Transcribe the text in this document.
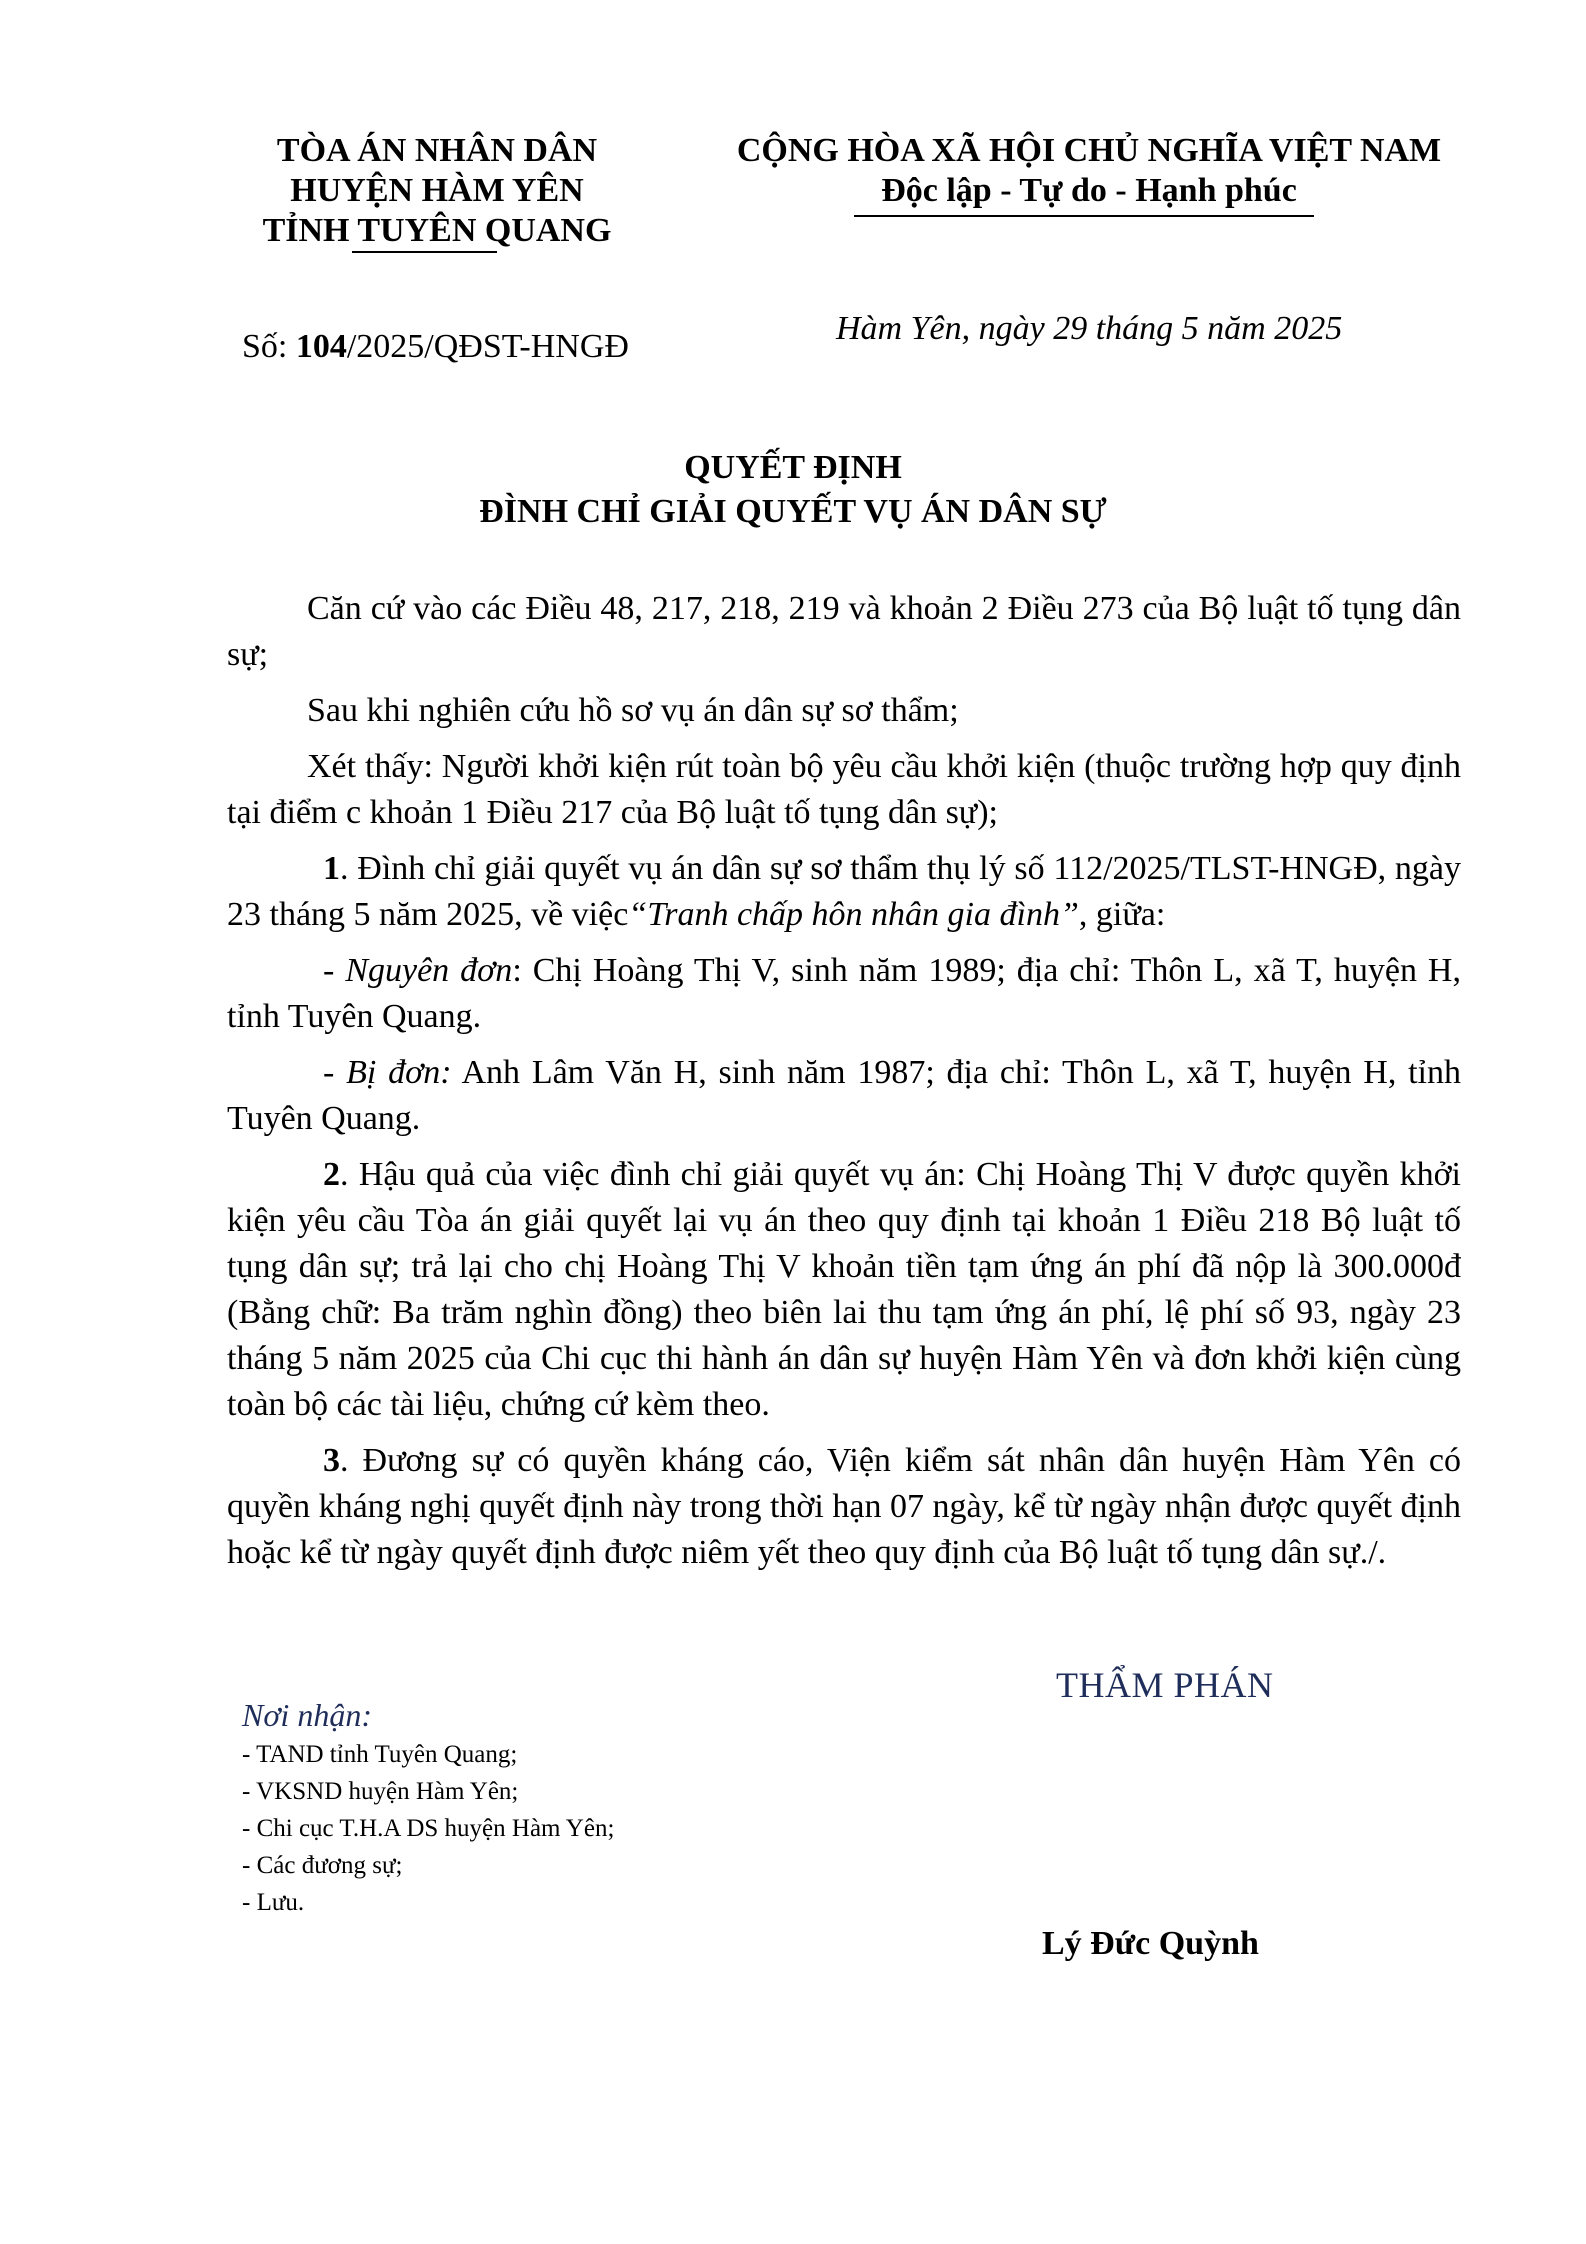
TÒA ÁN NHÂN DÂN
HUYỆN HÀM YÊN
TỈNH TUYÊN QUANG
CỘNG HÒA XÃ HỘI CHỦ NGHĨA VIỆT NAM
Độc lập - Tự do - Hạnh phúc
Số: 104/2025/QĐST-HNGĐ	Hàm Yên, ngày 29 tháng 5 năm 2025
QUYẾT ĐỊNH
ĐÌNH CHỈ GIẢI QUYẾT VỤ ÁN DÂN SỰ

Căn cứ vào các Điều 48, 217, 218, 219 và khoản 2 Điều 273 của Bộ luật tố tụng dân sự;

Sau khi nghiên cứu hồ sơ vụ án dân sự sơ thẩm;

Xét thấy: Người khởi kiện rút toàn bộ yêu cầu khởi kiện (thuộc trường hợp quy định tại điểm c khoản 1 Điều 217 của Bộ luật tố tụng dân sự);

1. Đình chỉ giải quyết vụ án dân sự sơ thẩm thụ lý số 112/2025/TLST-HNGĐ, ngày 23 tháng 5 năm 2025, về việc“Tranh chấp hôn nhân gia đình”, giữa:

- Nguyên đơn: Chị Hoàng Thị V, sinh năm 1989; địa chỉ: Thôn L, xã T, huyện H, tỉnh Tuyên Quang.

- Bị đơn: Anh Lâm Văn H, sinh năm 1987; địa chỉ: Thôn L, xã T, huyện H, tỉnh Tuyên Quang.

2. Hậu quả của việc đình chỉ giải quyết vụ án: Chị Hoàng Thị V được quyền khởi kiện yêu cầu Tòa án giải quyết lại vụ án theo quy định tại khoản 1 Điều 218 Bộ luật tố tụng dân sự; trả lại cho chị Hoàng Thị V khoản tiền tạm ứng án phí đã nộp là 300.000đ (Bằng chữ: Ba trăm nghìn đồng) theo biên lai thu tạm ứng án phí, lệ phí số 93, ngày 23 tháng 5 năm 2025 của Chi cục thi hành án dân sự huyện Hàm Yên và đơn khởi kiện cùng toàn bộ các tài liệu, chứng cứ kèm theo.

3. Đương sự có quyền kháng cáo, Viện kiểm sát nhân dân huyện Hàm Yên có quyền kháng nghị quyết định này trong thời hạn 07 ngày, kể từ ngày nhận được quyết định hoặc kể từ ngày quyết định được niêm yết theo quy định của Bộ luật tố tụng dân sự./.

THẨM PHÁN
Nơi nhận:
- TAND tỉnh Tuyên Quang;
- VKSND huyện Hàm Yên;
- Chi cục T.H.A DS huyện Hàm Yên;
- Các đương sự;
- Lưu.
Lý Đức Quỳnh
